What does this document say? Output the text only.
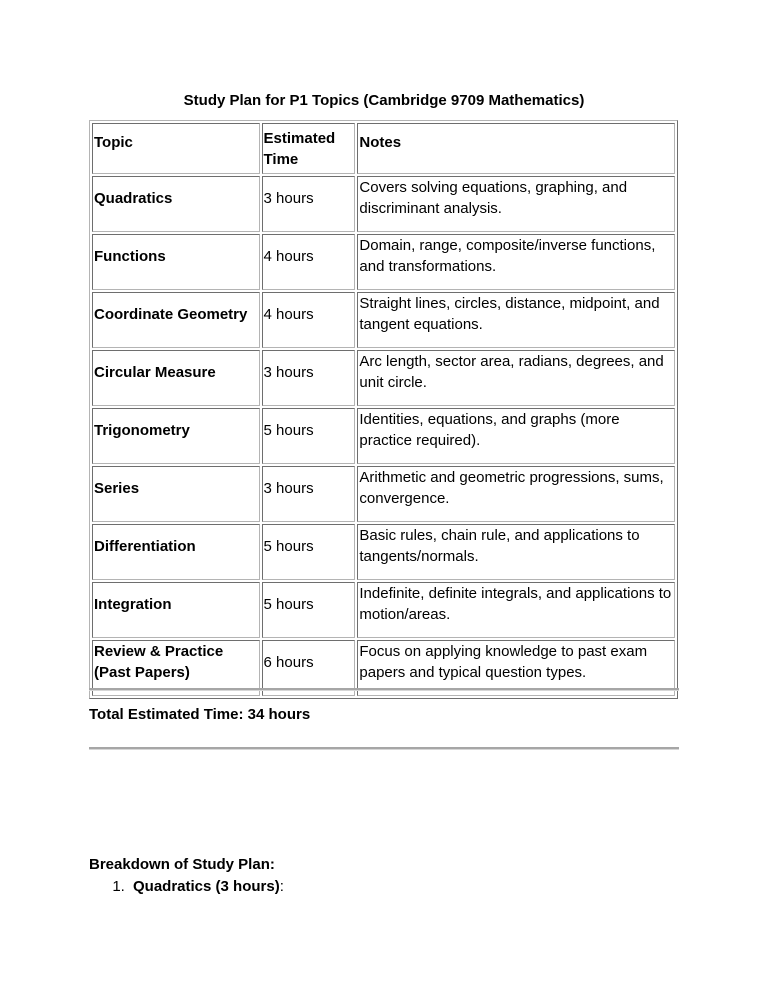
Study Plan for P1 Topics (Cambridge 9709 Mathematics)
Topic	Estimated Time	Notes

Quadratics	3 hours	Covers solving equations, graphing, and discriminant analysis.

Functions	4 hours	Domain, range, composite/inverse functions, and transformations.

Coordinate Geometry	4 hours	Straight lines, circles, distance, midpoint, and tangent equations.

Circular Measure	3 hours	Arc length, sector area, radians, degrees, and unit circle.

Trigonometry	5 hours	Identities, equations, and graphs (more practice required).

Series	3 hours	Arithmetic and geometric progressions, sums, convergence.

Differentiation	5 hours	Basic rules, chain rule, and applications to tangents/normals.

Integration	5 hours	Indefinite, definite integrals, and applications to motion/areas.

Review & Practice (Past Papers)	6 hours	Focus on applying knowledge to past exam papers and typical question types.
Total Estimated Time: 34 hours
Breakdown of Study Plan:
1. Quadratics (3 hours):
